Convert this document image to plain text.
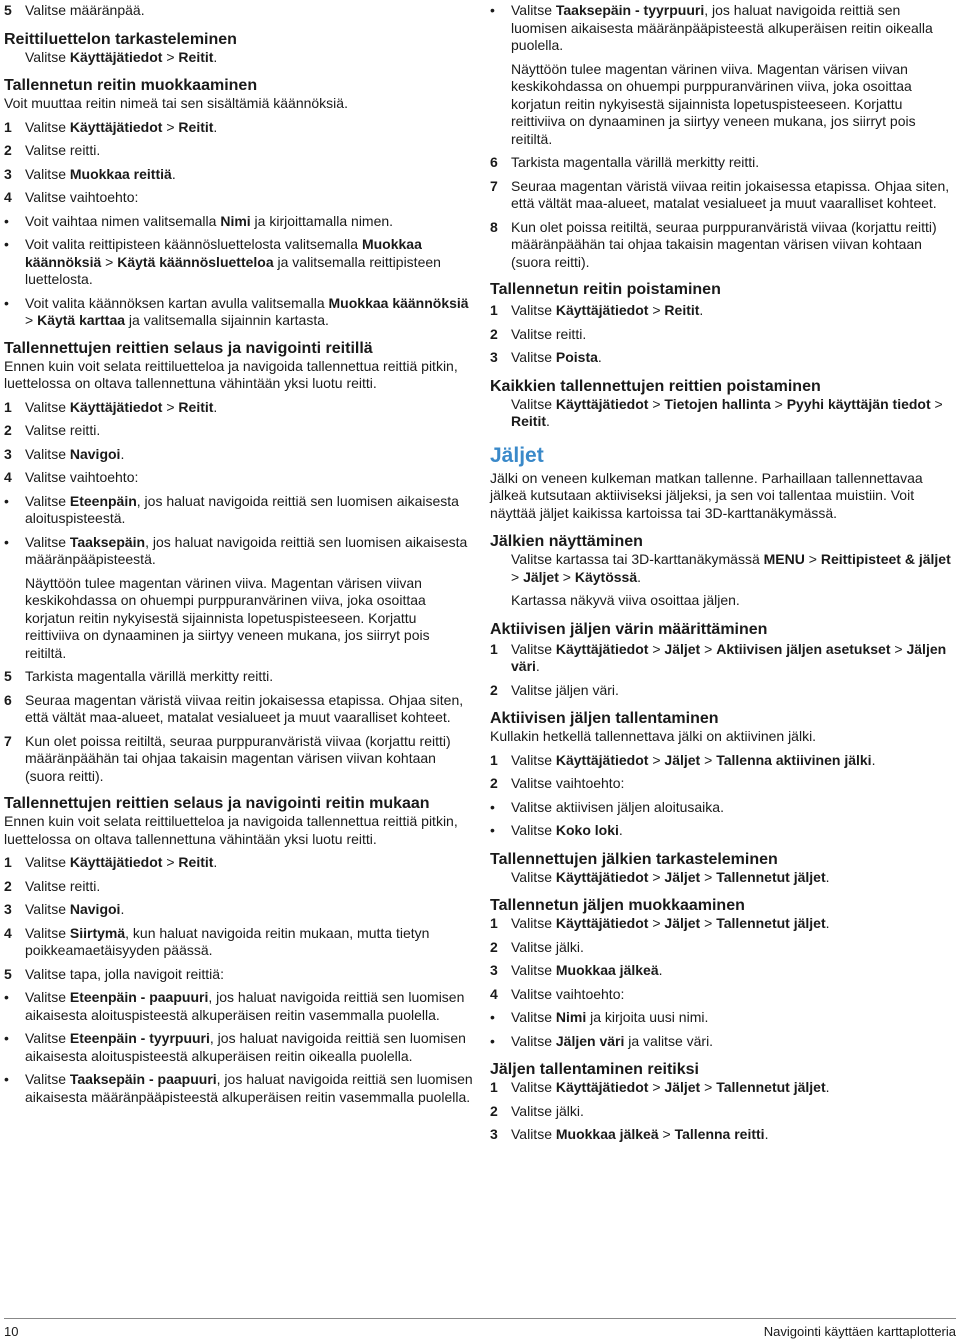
5 Valitse määränpää.
Reittiluettelon tarkasteleminen
Valitse Käyttäjätiedot > Reitit.
Tallennetun reitin muokkaaminen
Voit muuttaa reitin nimeä tai sen sisältämiä käännöksiä.
1 Valitse Käyttäjätiedot > Reitit.
2 Valitse reitti.
3 Valitse Muokkaa reittiä.
4 Valitse vaihtoehto:
• Voit vaihtaa nimen valitsemalla Nimi ja kirjoittamalla nimen.
• Voit valita reittipisteen käännösluettelosta valitsemalla Muokkaa käännöksiä > Käytä käännösluetteloa ja valitsemalla reittipisteen luettelosta.
• Voit valita käännöksen kartan avulla valitsemalla Muokkaa käännöksiä > Käytä karttaa ja valitsemalla sijainnin kartasta.
Tallennettujen reittien selaus ja navigointi reitillä
Ennen kuin voit selata reittiluetteloa ja navigoida tallennettua reittiä pitkin, luettelossa on oltava tallennettuna vähintään yksi luotu reitti.
1 Valitse Käyttäjätiedot > Reitit.
2 Valitse reitti.
3 Valitse Navigoi.
4 Valitse vaihtoehto:
• Valitse Eteenpäin, jos haluat navigoida reittiä sen luomisen aikaisesta aloituspisteestä.
• Valitse Taaksepäin, jos haluat navigoida reittiä sen luomisen aikaisesta määränpääpisteestä.
Näyttöön tulee magentan värinen viiva. Magentan värisen viivan keskikohdassa on ohuempi purppuranvärinen viiva, joka osoittaa korjatun reitin nykyisestä sijainnista lopetuspisteeseen. Korjattu reittiviiva on dynaaminen ja siirtyy veneen mukana, jos siirryt pois reitiltä.
5 Tarkista magentalla värillä merkitty reitti.
6 Seuraa magentan väristä viivaa reitin jokaisessa etapissa. Ohjaa siten, että vältät maa-alueet, matalat vesialueet ja muut vaaralliset kohteet.
7 Kun olet poissa reitiltä, seuraa purppuranväristä viivaa (korjattu reitti) määränpäähän tai ohjaa takaisin magentan värisen viivan kohtaan (suora reitti).
Tallennettujen reittien selaus ja navigointi reitin mukaan
Ennen kuin voit selata reittiluetteloa ja navigoida tallennettua reittiä pitkin, luettelossa on oltava tallennettuna vähintään yksi luotu reitti.
1 Valitse Käyttäjätiedot > Reitit.
2 Valitse reitti.
3 Valitse Navigoi.
4 Valitse Siirtymä, kun haluat navigoida reitin mukaan, mutta tietyn poikkeamaetäisyyden päässä.
5 Valitse tapa, jolla navigoit reittiä:
• Valitse Eteenpäin - paapuuri, jos haluat navigoida reittiä sen luomisen aikaisesta aloituspisteestä alkuperäisen reitin vasemmalla puolella.
• Valitse Eteenpäin - tyyrpuuri, jos haluat navigoida reittiä sen luomisen aikaisesta aloituspisteestä alkuperäisen reitin oikealla puolella.
• Valitse Taaksepäin - paapuuri, jos haluat navigoida reittiä sen luomisen aikaisesta määränpääpisteestä alkuperäisen reitin vasemmalla puolella.
• Valitse Taaksepäin - tyyrpuuri, jos haluat navigoida reittiä sen luomisen aikaisesta määränpääpisteestä alkuperäisen reitin oikealla puolella.
Näyttöön tulee magentan värinen viiva. Magentan värisen viivan keskikohdassa on ohuempi purppuranvärinen viiva, joka osoittaa korjatun reitin nykyisestä sijainnista lopetuspisteeseen. Korjattu reittiviiva on dynaaminen ja siirtyy veneen mukana, jos siirryt pois reitiltä.
6 Tarkista magentalla värillä merkitty reitti.
7 Seuraa magentan väristä viivaa reitin jokaisessa etapissa. Ohjaa siten, että vältät maa-alueet, matalat vesialueet ja muut vaaralliset kohteet.
8 Kun olet poissa reitiltä, seuraa purppuranväristä viivaa (korjattu reitti) määränpäähän tai ohjaa takaisin magentan värisen viivan kohtaan (suora reitti).
Tallennetun reitin poistaminen
1 Valitse Käyttäjätiedot > Reitit.
2 Valitse reitti.
3 Valitse Poista.
Kaikkien tallennettujen reittien poistaminen
Valitse Käyttäjätiedot > Tietojen hallinta > Pyyhi käyttäjän tiedot > Reitit.
Jäljet
Jälki on veneen kulkeman matkan tallenne. Parhaillaan tallennettavaa jälkeä kutsutaan aktiiviseksi jäljeksi, ja sen voi tallentaa muistiin. Voit näyttää jäljet kaikissa kartoissa tai 3D-karttanäkymässä.
Jälkien näyttäminen
Valitse kartassa tai 3D-karttanäkymässä MENU > Reittipisteet & jäljet > Jäljet > Käytössä.
Kartassa näkyvä viiva osoittaa jäljen.
Aktiivisen jäljen värin määrittäminen
1 Valitse Käyttäjätiedot > Jäljet > Aktiivisen jäljen asetukset > Jäljen väri.
2 Valitse jäljen väri.
Aktiivisen jäljen tallentaminen
Kullakin hetkellä tallennettava jälki on aktiivinen jälki.
1 Valitse Käyttäjätiedot > Jäljet > Tallenna aktiivinen jälki.
2 Valitse vaihtoehto:
• Valitse aktiivisen jäljen aloitusaika.
• Valitse Koko loki.
Tallennettujen jälkien tarkasteleminen
Valitse Käyttäjätiedot > Jäljet > Tallennetut jäljet.
Tallennetun jäljen muokkaaminen
1 Valitse Käyttäjätiedot > Jäljet > Tallennetut jäljet.
2 Valitse jälki.
3 Valitse Muokkaa jälkeä.
4 Valitse vaihtoehto:
• Valitse Nimi ja kirjoita uusi nimi.
• Valitse Jäljen väri ja valitse väri.
Jäljen tallentaminen reitiksi
1 Valitse Käyttäjätiedot > Jäljet > Tallennetut jäljet.
2 Valitse jälki.
3 Valitse Muokkaa jälkeä > Tallenna reitti.
10	Navigointi käyttäen karttaplotteria
